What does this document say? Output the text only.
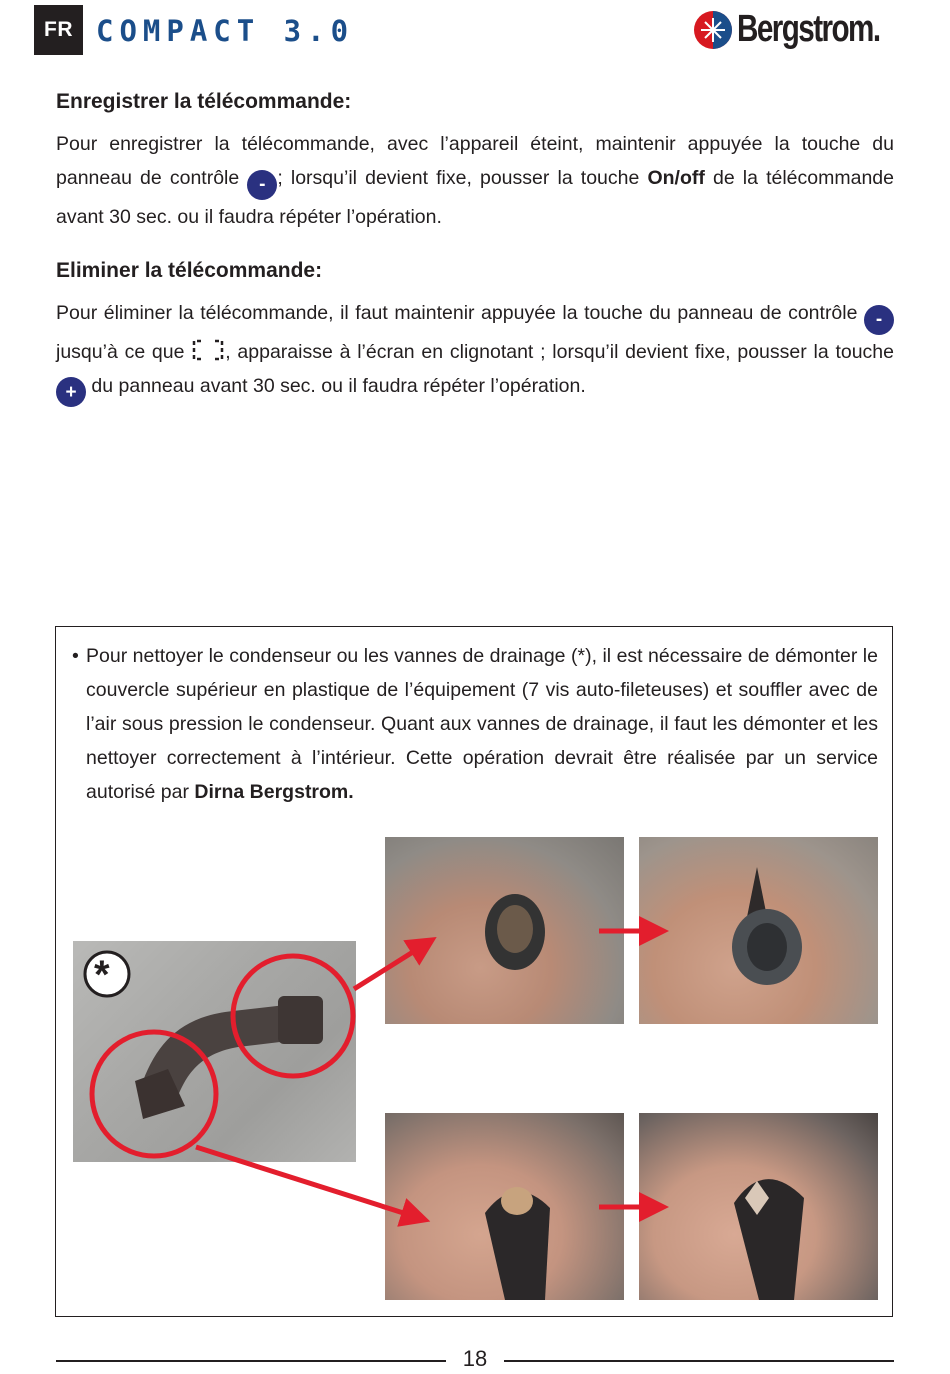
FR COMPACT 3.0	Bergstrom.
Enregistrer la télécommande:

Pour enregistrer la télécommande, avec l’appareil éteint, maintenir appuyée la touche du panneau de contrôle - ; lorsqu’il devient fixe, pousser la touche On/off de la télécommande avant 30 sec. ou il faudra répéter l’opération.

Eliminer la télécommande:

Pour éliminer la télécommande, il faut maintenir appuyée la touche du panneau de contrôle - jusqu’à ce que , apparaisse à l’écran en clignotant ; lorsqu’il devient fixe, pousser la touche + du panneau avant 30 sec. ou il faudra répéter l’opération.

• Pour nettoyer le condenseur ou les vannes de drainage (*), il est nécessaire de démonter le couvercle supérieur en plastique de l’équipement (7 vis auto-fileteuses) et souffler avec de l’air sous pression le condenseur. Quant aux vannes de drainage, il faut les démonter et les nettoyer correctement à l’intérieur. Cette opération devrait être réalisée par un service autorisé par Dirna Bergstrom.

*
18
